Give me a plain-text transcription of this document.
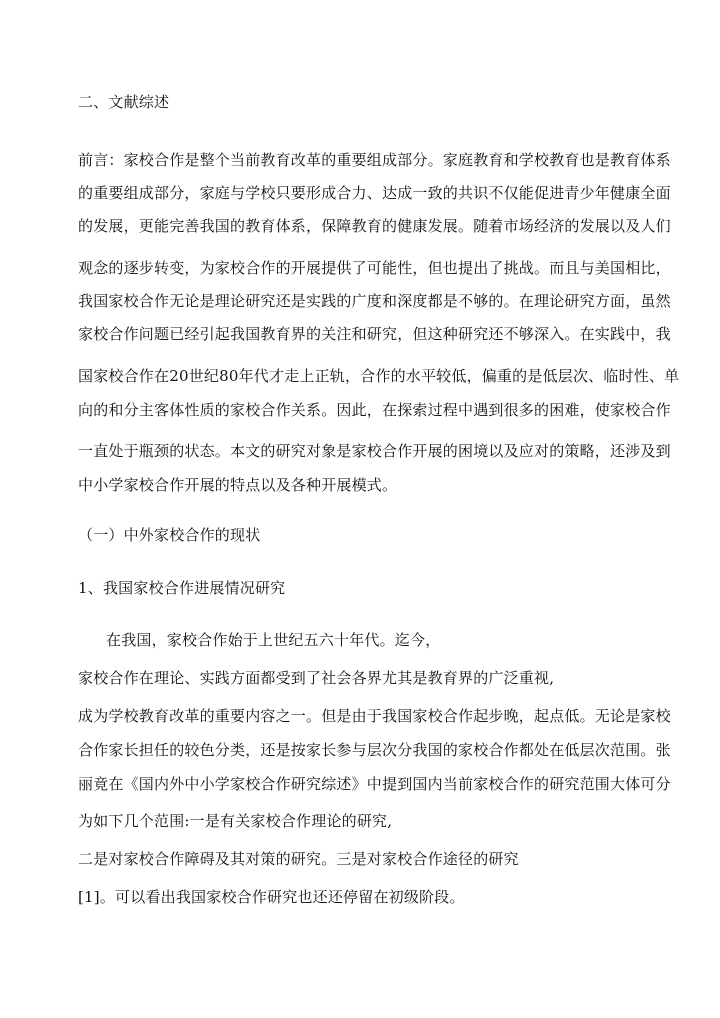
二、文献综述
前言：家校合作是整个当前教育改革的重要组成部分。家庭教育和学校教育也是教育体系
的重要组成部分，家庭与学校只要形成合力、达成一致的共识不仅能促进青少年健康全面
的发展，更能完善我国的教育体系，保障教育的健康发展。随着市场经济的发展以及人们
观念的逐步转变，为家校合作的开展提供了可能性，但也提出了挑战。而且与美国相比，
我国家校合作无论是理论研究还是实践的广度和深度都是不够的。在理论研究方面，虽然
家校合作问题已经引起我国教育界的关注和研究，但这种研究还不够深入。在实践中，我
国家校合作在20世纪80年代才走上正轨，合作的水平较低，偏重的是低层次、临时性、单
向的和分主客体性质的家校合作关系。因此，在探索过程中遇到很多的困难，使家校合作
一直处于瓶颈的状态。本文的研究对象是家校合作开展的困境以及应对的策略，还涉及到
中小学家校合作开展的特点以及各种开展模式。
（一）中外家校合作的现状
1、我国家校合作进展情况研究
在我国，家校合作始于上世纪五六十年代。迄今，
家校合作在理论、实践方面都受到了社会各界尤其是教育界的广泛重视,
成为学校教育改革的重要内容之一。但是由于我国家校合作起步晚，起点低。无论是家校
合作家长担任的较色分类，还是按家长参与层次分我国的家校合作都处在低层次范围。张
丽竟在《国内外中小学家校合作研究综述》中提到国内当前家校合作的研究范围大体可分
为如下几个范围:一是有关家校合作理论的研究,
二是对家校合作障碍及其对策的研究。三是对家校合作途径的研究
[1]。可以看出我国家校合作研究也还还停留在初级阶段。
